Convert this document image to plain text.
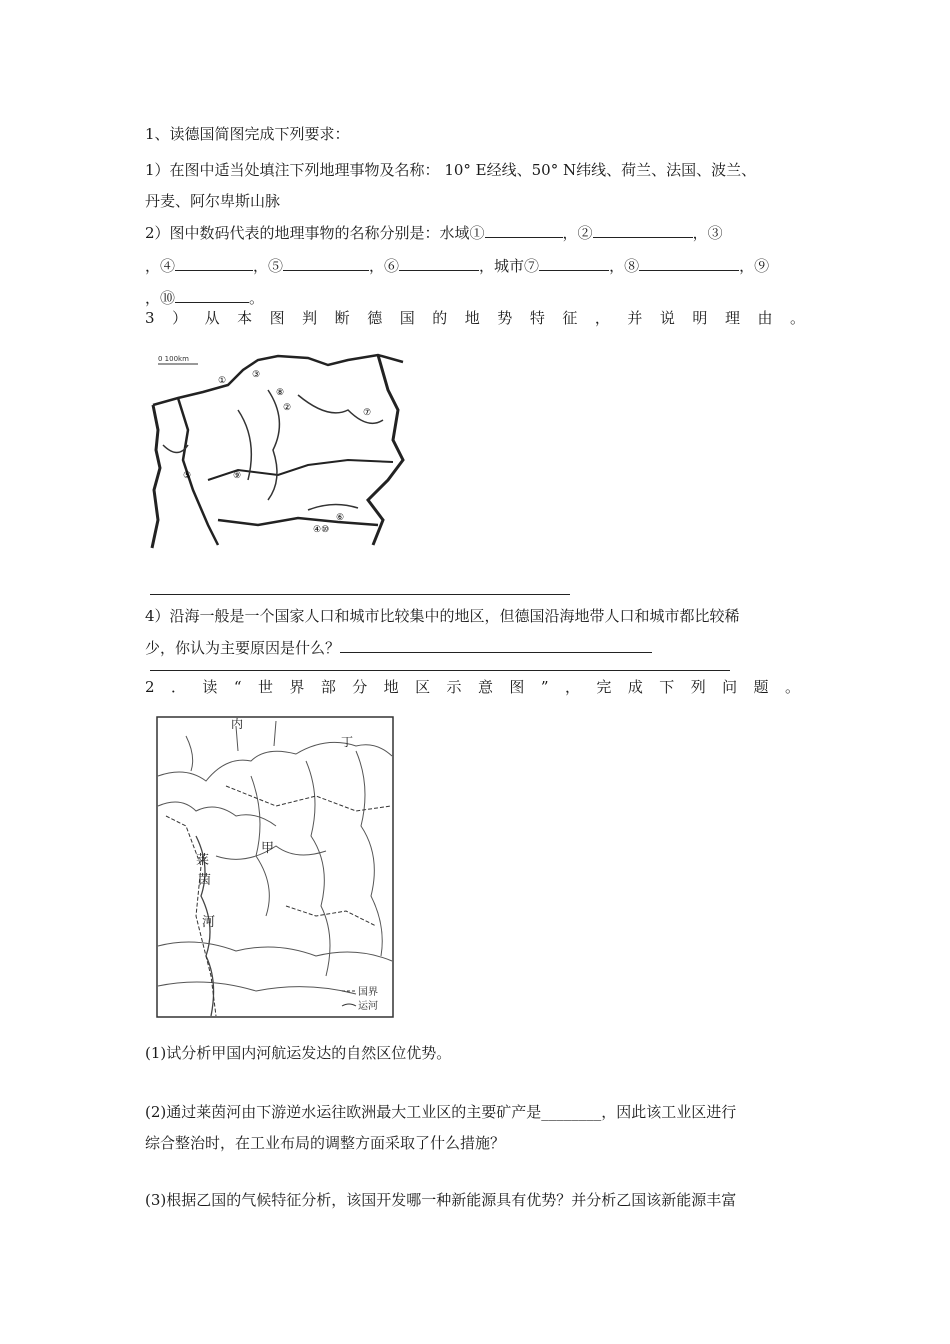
1、读德国简图完成下列要求：
1）在图中适当处填注下列地理事物及名称： 10° E经线、50° N纬线、荷兰、法国、波兰、
丹麦、阿尔卑斯山脉
2）图中数码代表的地理事物的名称分别是：水域①	，②	，③
，④	，⑤	，⑥	，城市⑦	，⑧	，⑨
，⑩	。
3）从本图判断德国的地势特征，并说明理由。
0 100km
①
③
⑧
②	⑦
⑤	⑨
⑥
④⑩
4）沿海一般是一个国家人口和城市比较集中的地区，但德国沿海地带人口和城市都比较稀
少，你认为主要原因是什么？
2．读“世界部分地区示意图”，完成下列问题。
内
丁
甲
莱
茵
河
国界
运河
(1)试分析甲国内河航运发达的自然区位优势。
(2)通过莱茵河由下游逆水运往欧洲最大工业区的主要矿产是________，因此该工业区进行
综合整治时，在工业布局的调整方面采取了什么措施？
(3)根据乙国的气候特征分析，该国开发哪一种新能源具有优势？并分析乙国该新能源丰富
